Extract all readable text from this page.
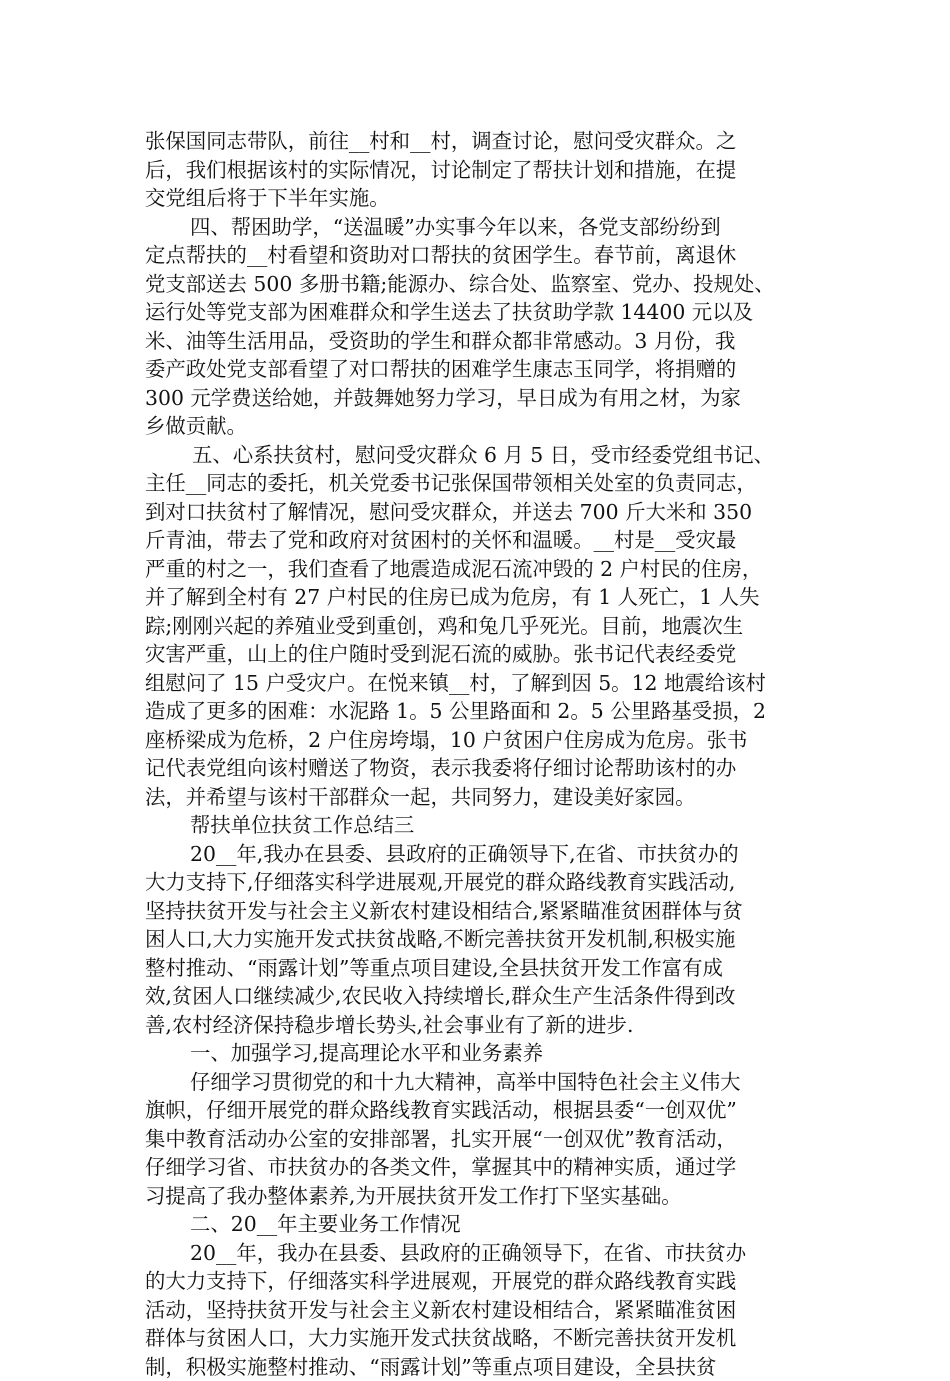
张保国同志带队，前往__村和__村，调查讨论，慰问受灾群众。之
后，我们根据该村的实际情况，讨论制定了帮扶计划和措施，在提
交党组后将于下半年实施。
四、帮困助学，“送温暖”办实事今年以来，各党支部纷纷到
定点帮扶的__村看望和资助对口帮扶的贫困学生。春节前，离退休
党支部送去 500 多册书籍;能源办、综合处、监察室、党办、投规处、
运行处等党支部为困难群众和学生送去了扶贫助学款 14400 元以及
米、油等生活用品，受资助的学生和群众都非常感动。3 月份，我
委产政处党支部看望了对口帮扶的困难学生康志玉同学，将捐赠的
300 元学费送给她，并鼓舞她努力学习，早日成为有用之材，为家
乡做贡献。
五、心系扶贫村，慰问受灾群众 6 月 5 日，受市经委党组书记、
主任__同志的委托，机关党委书记张保国带领相关处室的负责同志，
到对口扶贫村了解情况，慰问受灾群众，并送去 700 斤大米和 350
斤青油，带去了党和政府对贫困村的关怀和温暖。__村是__受灾最
严重的村之一，我们查看了地震造成泥石流冲毁的 2 户村民的住房，
并了解到全村有 27 户村民的住房已成为危房，有 1 人死亡，1 人失
踪;刚刚兴起的养殖业受到重创，鸡和兔几乎死光。目前，地震次生
灾害严重，山上的住户随时受到泥石流的威胁。张书记代表经委党
组慰问了 15 户受灾户。在悦来镇__村，了解到因 5。12 地震给该村
造成了更多的困难：水泥路 1。5 公里路面和 2。5 公里路基受损，2
座桥梁成为危桥，2 户住房垮塌，10 户贫困户住房成为危房。张书
记代表党组向该村赠送了物资，表示我委将仔细讨论帮助该村的办
法，并希望与该村干部群众一起，共同努力，建设美好家园。
帮扶单位扶贫工作总结三
20__年,我办在县委、县政府的正确领导下,在省、市扶贫办的
大力支持下,仔细落实科学进展观,开展党的群众路线教育实践活动,
坚持扶贫开发与社会主义新农村建设相结合,紧紧瞄准贫困群体与贫
困人口,大力实施开发式扶贫战略,不断完善扶贫开发机制,积极实施
整村推动、“雨露计划”等重点项目建设,全县扶贫开发工作富有成
效,贫困人口继续减少,农民收入持续增长,群众生产生活条件得到改
善,农村经济保持稳步增长势头,社会事业有了新的进步.
一、加强学习,提高理论水平和业务素养
仔细学习贯彻党的和十九大精神，高举中国特色社会主义伟大
旗帜，仔细开展党的群众路线教育实践活动，根据县委“一创双优”
集中教育活动办公室的安排部署，扎实开展“一创双优”教育活动，
仔细学习省、市扶贫办的各类文件，掌握其中的精神实质，通过学
习提高了我办整体素养,为开展扶贫开发工作打下坚实基础。
二、20__年主要业务工作情况
20__年，我办在县委、县政府的正确领导下，在省、市扶贫办
的大力支持下，仔细落实科学进展观，开展党的群众路线教育实践
活动，坚持扶贫开发与社会主义新农村建设相结合，紧紧瞄准贫困
群体与贫困人口，大力实施开发式扶贫战略，不断完善扶贫开发机
制，积极实施整村推动、“雨露计划”等重点项目建设，全县扶贫
